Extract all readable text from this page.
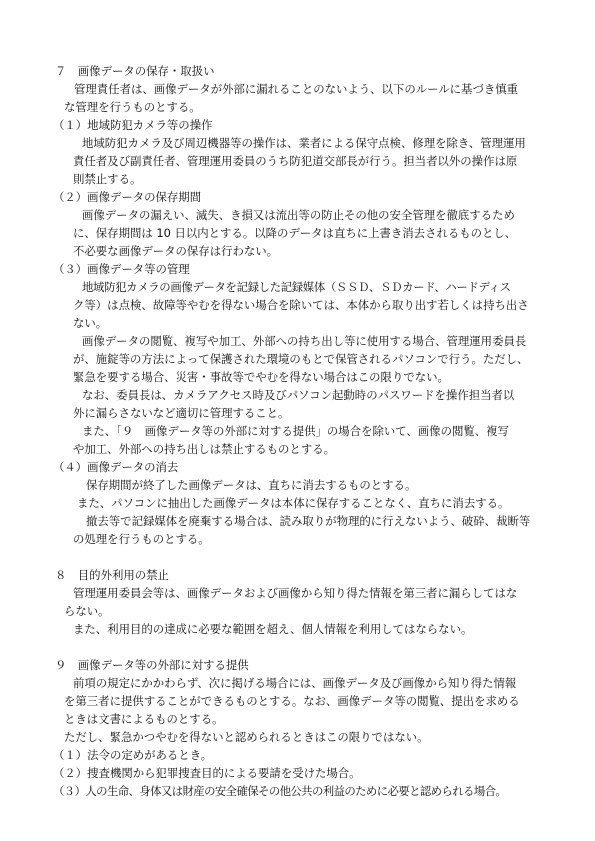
７　画像データの保存・取扱い
管理責任者は、画像データが外部に漏れることのないよう、以下のルールに基づき慎重
な管理を行うものとする。
（１）地域防犯カメラ等の操作
地域防犯カメラ及び周辺機器等の操作は、業者による保守点検、修理を除き、管理運用
責任者及び副責任者、管理運用委員のうち防犯道交部長が行う。担当者以外の操作は原
則禁止する。
（２）画像データの保存期間
画像データの漏えい、滅失、き損又は流出等の防止その他の安全管理を徹底するため
に、保存期間は 10 日以内とする。以降のデータは直ちに上書き消去されるものとし、
不必要な画像データの保存は行わない。
（３）画像データ等の管理
地域防犯カメラの画像データを記録した記録媒体（ＳＳＤ、ＳＤカード、ハードディス
ク等）は点検、故障等やむを得ない場合を除いては、本体から取り出す若しくは持ち出さ
ない。
画像データの閲覧、複写や加工、外部への持ち出し等に使用する場合、管理運用委員長
が、施錠等の方法によって保護された環境のもとで保管されるパソコンで行う。ただし、
緊急を要する場合、災害・事故等でやむを得ない場合はこの限りでない。
なお、委員長は、カメラアクセス時及びパソコン起動時のパスワードを操作担当者以
外に漏らさないなど適切に管理すること。
また、「９　画像データ等の外部に対する提供」の場合を除いて、画像の閲覧、複写
や加工、外部への持ち出しは禁止するものとする。
（４）画像データの消去
保存期間が終了した画像データは、直ちに消去するものとする。
また、パソコンに抽出した画像データは本体に保存することなく、直ちに消去する。
撤去等で記録媒体を廃棄する場合は、読み取りが物理的に行えないよう、破砕、裁断等
の処理を行うものとする。
８　目的外利用の禁止
管理運用委員会等は、画像データおよび画像から知り得た情報を第三者に漏らしてはな
らない。
また、利用目的の達成に必要な範囲を超え、個人情報を利用してはならない。
９　画像データ等の外部に対する提供
前項の規定にかかわらず、次に掲げる場合には、画像データ及び画像から知り得た情報
を第三者に提供することができるものとする。なお、画像データ等の閲覧、提出を求める
ときは文書によるものとする。
ただし、緊急かつやむを得ないと認められるときはこの限りではない。
（１）法令の定めがあるとき。
（２）捜査機関から犯罪捜査目的による要請を受けた場合。
（３）人の生命、身体又は財産の安全確保その他公共の利益のために必要と認められる場合。
